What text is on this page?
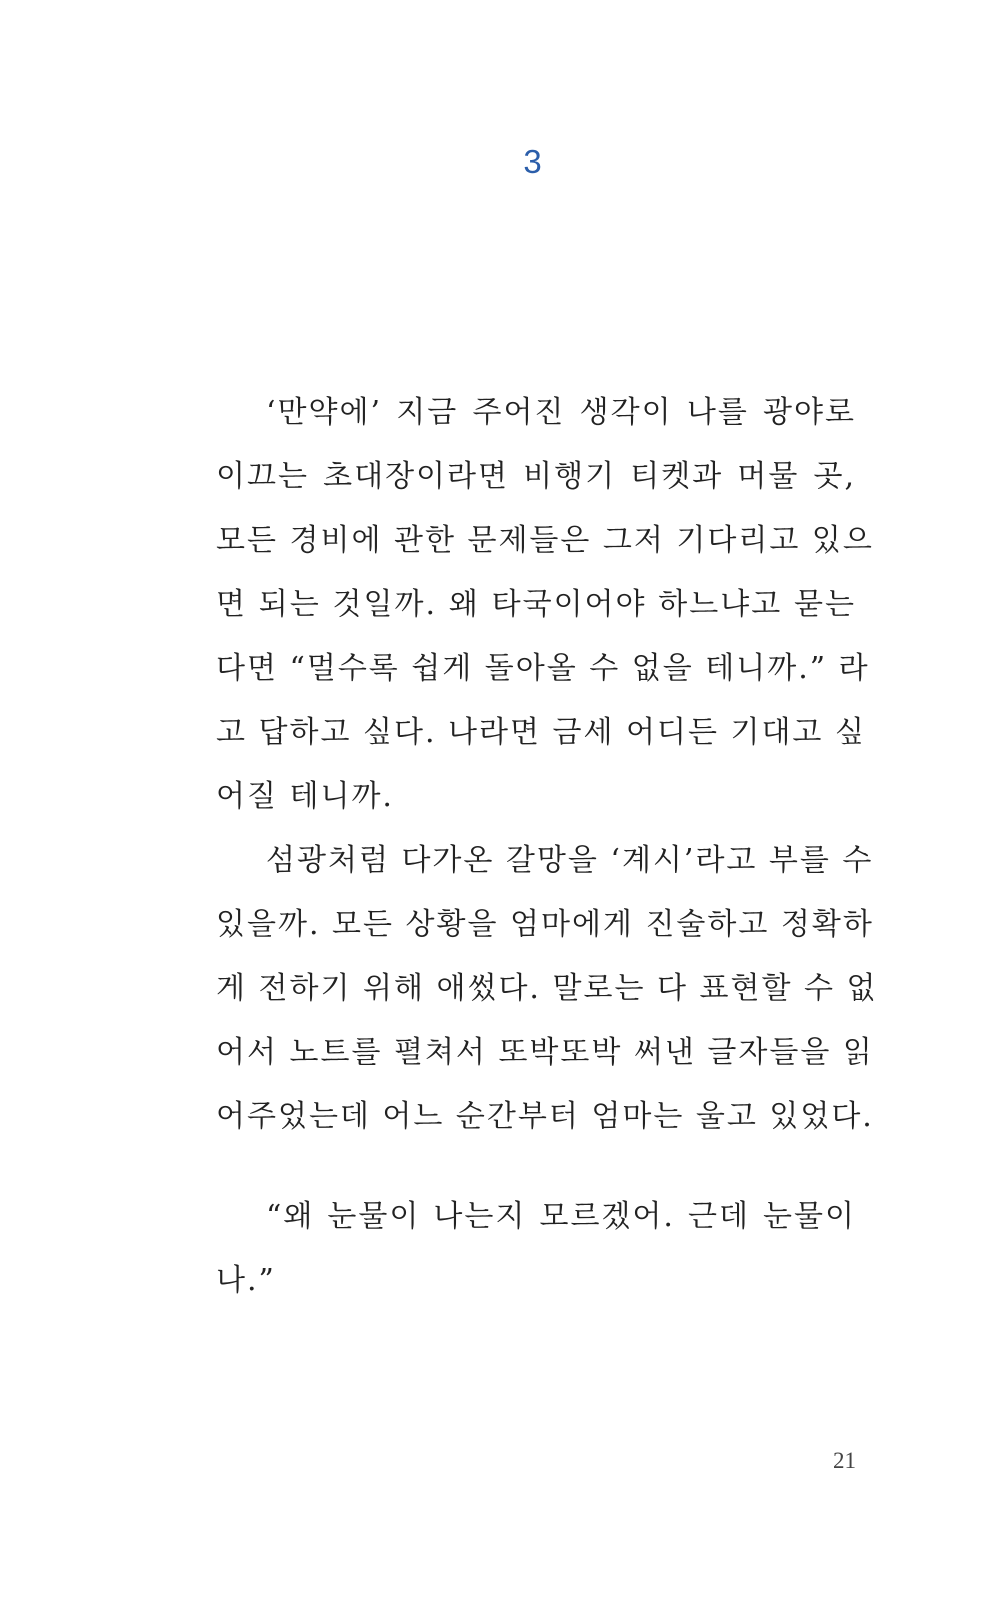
3
‘만약에’ 지금 주어진 생각이 나를 광야로
이끄는 초대장이라면 비행기 티켓과 머물 곳,
모든 경비에 관한 문제들은 그저 기다리고 있으
면 되는 것일까. 왜 타국이어야 하느냐고 묻는
다면 “멀수록 쉽게 돌아올 수 없을 테니까.” 라
고 답하고 싶다. 나라면 금세 어디든 기대고 싶
어질 테니까.
섬광처럼 다가온 갈망을 ‘계시’라고 부를 수
있을까. 모든 상황을 엄마에게 진술하고 정확하
게 전하기 위해 애썼다. 말로는 다 표현할 수 없
어서 노트를 펼쳐서 또박또박 써낸 글자들을 읽
어주었는데 어느 순간부터 엄마는 울고 있었다.
“왜 눈물이 나는지 모르겠어. 근데 눈물이
나.”
21
